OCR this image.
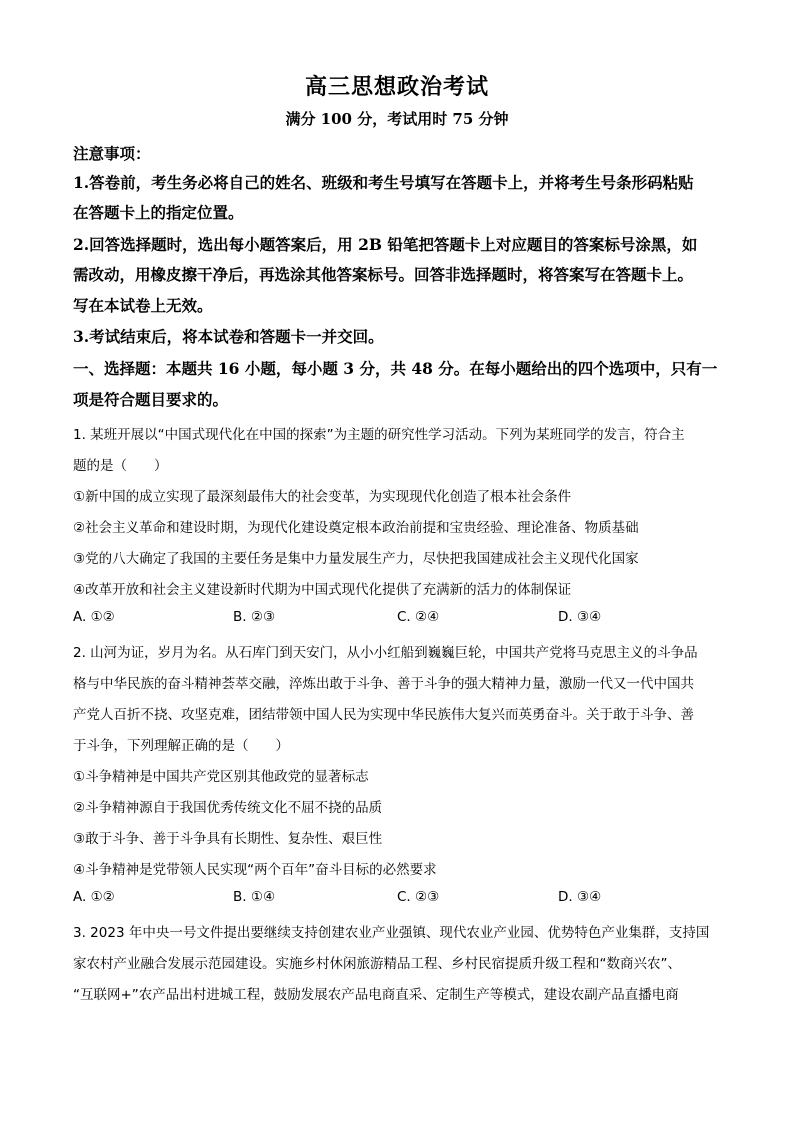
高三思想政治考试
满分 100 分，考试用时 75 分钟
注意事项：
1.答卷前，考生务必将自己的姓名、班级和考生号填写在答题卡上，并将考生号条形码粘贴
在答题卡上的指定位置。
2.回答选择题时，选出每小题答案后，用 2B 铅笔把答题卡上对应题目的答案标号涂黑，如
需改动，用橡皮擦干净后，再选涂其他答案标号。回答非选择题时，将答案写在答题卡上。
写在本试卷上无效。
3.考试结束后，将本试卷和答题卡一并交回。
一、选择题：本题共 16 小题，每小题 3 分，共 48 分。在每小题给出的四个选项中，只有一
项是符合题目要求的。
1. 某班开展以“中国式现代化在中国的探索”为主题的研究性学习活动。下列为某班同学的发言，符合主
题的是（　　）
①新中国的成立实现了最深刻最伟大的社会变革，为实现现代化创造了根本社会条件
②社会主义革命和建设时期，为现代化建设奠定根本政治前提和宝贵经验、理论准备、物质基础
③党的八大确定了我国的主要任务是集中力量发展生产力，尽快把我国建成社会主义现代化国家
④改革开放和社会主义建设新时代期为中国式现代化提供了充满新的活力的体制保证
A. ①②	B. ②③	C. ②④	D. ③④
2. 山河为证，岁月为名。从石库门到天安门，从小小红船到巍巍巨轮，中国共产党将马克思主义的斗争品
格与中华民族的奋斗精神荟萃交融，淬炼出敢于斗争、善于斗争的强大精神力量，激励一代又一代中国共
产党人百折不挠、攻坚克难，团结带领中国人民为实现中华民族伟大复兴而英勇奋斗。关于敢于斗争、善
于斗争，下列理解正确的是（　　）
①斗争精神是中国共产党区别其他政党的显著标志
②斗争精神源自于我国优秀传统文化不屈不挠的品质
③敢于斗争、善于斗争具有长期性、复杂性、艰巨性
④斗争精神是党带领人民实现“两个百年”奋斗目标的必然要求
A. ①②	B. ①④	C. ②③	D. ③④
3. 2023 年中央一号文件提出要继续支持创建农业产业强镇、现代农业产业园、优势特色产业集群，支持国
家农村产业融合发展示范园建设。实施乡村休闲旅游精品工程、乡村民宿提质升级工程和“数商兴农”、
“互联网+”农产品出村进城工程，鼓励发展农产品电商直采、定制生产等模式，建设农副产品直播电商
